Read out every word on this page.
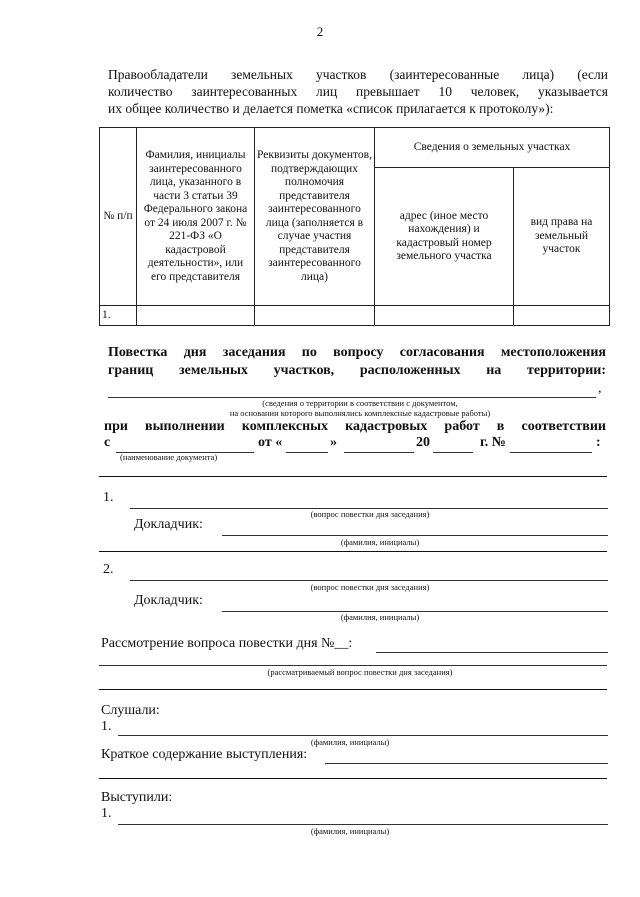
2
Правообладатели земельных участков (заинтересованные лица) (если
количество заинтересованных лиц превышает 10 человек, указывается
их общее количество и делается пометка «список прилагается к протоколу»):
№ п/п	Фамилия, инициалы заинтересованного лица, указанного в части 3 статьи 39 Федерального закона от 24 июля 2007 г. № 221-ФЗ «О кадастровой деятельности», или его представителя	Реквизиты документов, подтверждающих полномочия представителя заинтересованного лица (заполняется в случае участия представителя заинтересованного лица)	Сведения о земельных участках	
			адрес (иное место нахождения) и кадастровый номер земельного участка	вид права на земельный участок
1.				
Повестка дня заседания по вопросу согласования местоположения
границ земельных участков, расположенных на территории:
,
(сведения о территории в соответствии с документом,
на основании которого выполнялись комплексные кадастровые работы)
при выполнении комплексных кадастровых работ в соответствии
с	от «	»	20	г. №	:
(наименование документа)
1.
(вопрос повестки дня заседания)
Докладчик:
(фамилия, инициалы)
2.
(вопрос повестки дня заседания)
Докладчик:
(фамилия, инициалы)
Рассмотрение вопроса повестки дня №__:
(рассматриваемый вопрос повестки дня заседания)
Слушали:
1.
(фамилия, инициалы)
Краткое содержание выступления:
Выступили:
1.
(фамилия, инициалы)
